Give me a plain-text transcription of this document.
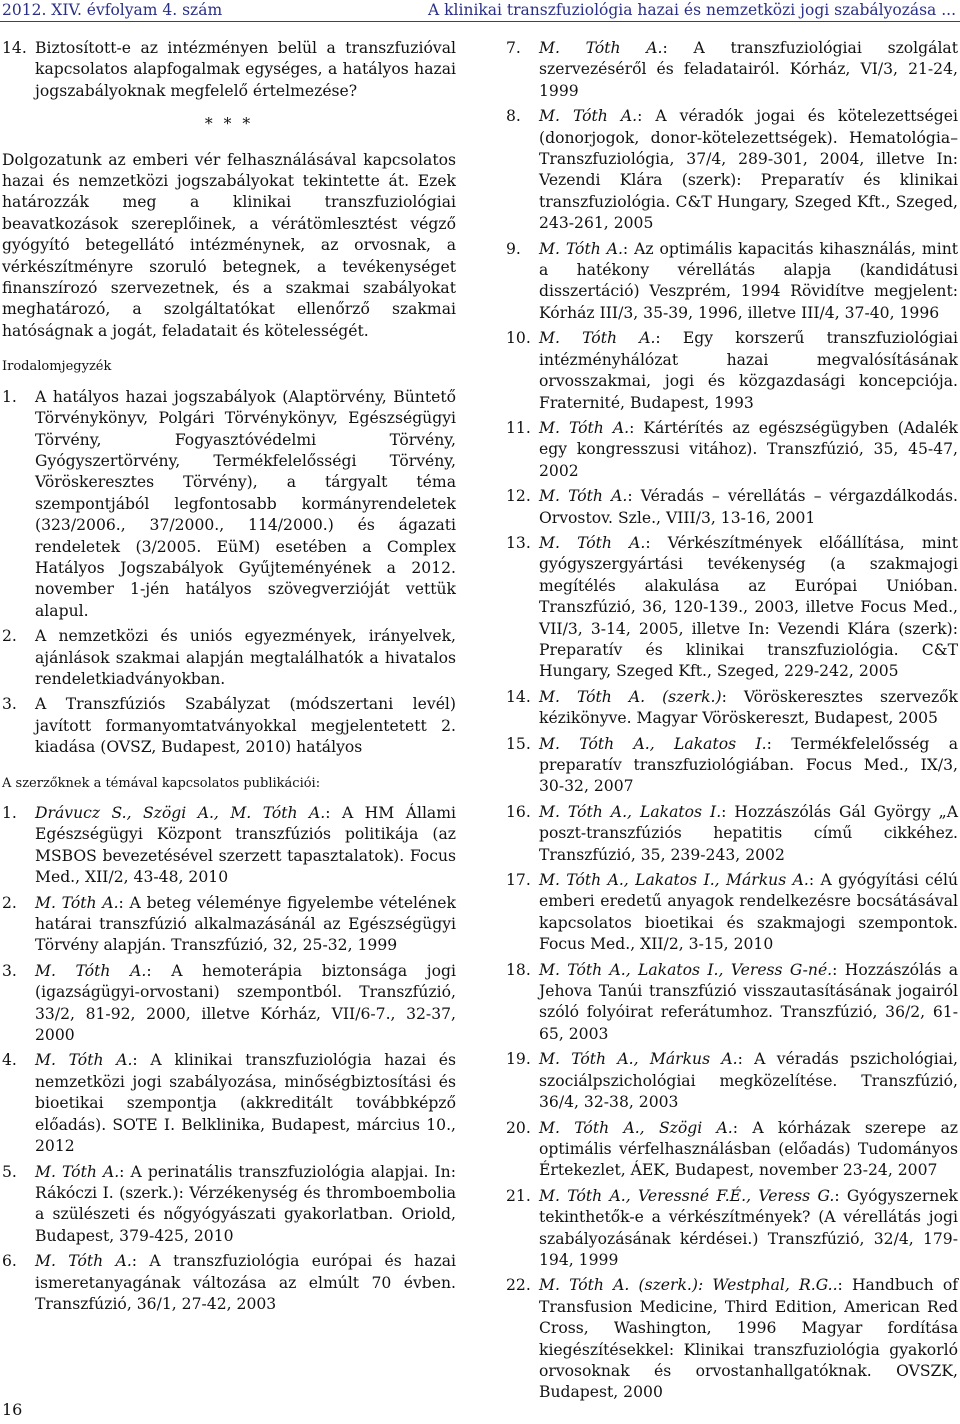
2012. XIV. évfolyam 4. szám	A klinikai transzfuziológia hazai és nemzetközi jogi szabályozása ...
14. Biztosított-e az intézményen belül a transzfuzióval kapcsolatos alapfogalmak egységes, a hatályos hazai jogszabályoknak megfelelő értelmezése?
* * *

Dolgozatunk az emberi vér felhasználásával kapcsolatos hazai és nemzetközi jogszabályokat tekintette át. Ezek határozzák meg a klinikai transzfuziológiai beavatkozások szereplőinek, a vérátömlesztést végző gyógyító betegellátó intézménynek, az orvosnak, a vérkészítményre szoruló betegnek, a tevékenységet finanszírozó szervezetnek, és a szakmai szabályokat meghatározó, a szolgáltatókat ellenőrző szakmai hatóságnak a jogát, feladatait és kötelességét.

Irodalomjegyzék
1. A hatályos hazai jogszabályok (Alaptörvény, Büntető Törvénykönyv, Polgári Törvénykönyv, Egészségügyi Törvény, Fogyasztóvédelmi Törvény, Gyógyszertörvény, Termékfelelősségi Törvény, Vöröskeresztes Törvény), a tárgyalt téma szempontjából legfontosabb kormányrendeletek (323/2006., 37/2000., 114/2000.) és ágazati rendeletek (3/2005. EüM) esetében a Complex Hatályos Jogszabályok Gyűjteményének a 2012. november 1-jén hatályos szövegverzióját vettük alapul.
2. A nemzetközi és uniós egyezmények, irányelvek, ajánlások szakmai alapján megtalálhatók a hivatalos rendeletkiadványokban.
3. A Transzfúziós Szabályzat (módszertani levél) javított formanyomtatványokkal megjelentetett 2. kiadása (OVSZ, Budapest, 2010) hatályos
A szerzőknek a témával kapcsolatos publikációi:
1. Drávucz S., Szögi A., M. Tóth A.: A HM Állami Egészségügyi Központ transzfúziós politikája (az MSBOS bevezetésével szerzett tapasztalatok). Focus Med., XII/2, 43-48, 2010
2. M. Tóth A.: A beteg véleménye figyelembe vételének határai transzfúzió alkalmazásánál az Egészségügyi Törvény alapján. Transzfúzió, 32, 25-32, 1999
3. M. Tóth A.: A hemoterápia biztonsága jogi (igazságügyi-orvostani) szempontból. Transzfúzió, 33/2, 81-92, 2000, illetve Kórház, VII/6-7., 32-37, 2000
4. M. Tóth A.: A klinikai transzfuziológia hazai és nemzetközi jogi szabályozása, minőségbiztosítási és bioetikai szempontja (akkreditált továbbképző előadás). SOTE I. Belklinika, Budapest, március 10., 2012
5. M. Tóth A.: A perinatális transzfuziológia alapjai. In: Rákóczi I. (szerk.): Vérzékenység és thromboembolia a szülészeti és nőgyógyászati gyakorlatban. Oriold, Budapest, 379-425, 2010
6. M. Tóth A.: A transzfuziológia európai és hazai ismeretanyagának változása az elmúlt 70 évben. Transzfúzió, 36/1, 27-42, 2003
7. M. Tóth A.: A transzfuziológiai szolgálat szervezéséről és feladatairól. Kórház, VI/3, 21-24, 1999
8. M. Tóth A.: A véradók jogai és kötelezettségei (donorjogok, donor-kötelezettségek). Hematológia–Transzfuziológia, 37/4, 289-301, 2004, illetve In: Vezendi Klára (szerk): Preparatív és klinikai transzfuziológia. C&T Hungary, Szeged Kft., Szeged, 243-261, 2005
9. M. Tóth A.: Az optimális kapacitás kihasználás, mint a hatékony vérellátás alapja (kandidátusi disszertáció) Veszprém, 1994 Rövidítve megjelent: Kórház III/3, 35-39, 1996, illetve III/4, 37-40, 1996
10. M. Tóth A.: Egy korszerű transzfuziológiai intézményhálózat hazai megvalósításának orvosszakmai, jogi és közgazdasági koncepciója. Fraternité, Budapest, 1993
11. M. Tóth A.: Kártérítés az egészségügyben (Adalék egy kongresszusi vitához). Transzfúzió, 35, 45-47, 2002
12. M. Tóth A.: Véradás – vérellátás – vérgazdálkodás. Orvostov. Szle., VIII/3, 13-16, 2001
13. M. Tóth A.: Vérkészítmények előállítása, mint gyógyszergyártási tevékenység (a szakmajogi megítélés alakulása az Európai Unióban. Transzfúzió, 36, 120-139., 2003, illetve Focus Med., VII/3, 3-14, 2005, illetve In: Vezendi Klára (szerk): Preparatív és klinikai transzfuziológia. C&T Hungary, Szeged Kft., Szeged, 229-242, 2005
14. M. Tóth A. (szerk.): Vöröskeresztes szervezők kézikönyve. Magyar Vöröskereszt, Budapest, 2005
15. M. Tóth A., Lakatos I.: Termékfelelősség a preparatív transzfuziológiában. Focus Med., IX/3, 30-32, 2007
16. M. Tóth A., Lakatos I.: Hozzászólás Gál György „A poszt-transzfúziós hepatitis című cikkéhez. Transzfúzió, 35, 239-243, 2002
17. M. Tóth A., Lakatos I., Márkus A.: A gyógyítási célú emberi eredetű anyagok rendelkezésre bocsátásával kapcsolatos bioetikai és szakmajogi szempontok. Focus Med., XII/2, 3-15, 2010
18. M. Tóth A., Lakatos I., Veress G-né.: Hozzászólás a Jehova Tanúi transzfúzió visszautasításának jogairól szóló folyóirat referátumhoz. Transzfúzió, 36/2, 61-65, 2003
19. M. Tóth A., Márkus A.: A véradás pszichológiai, szociálpszichológiai megközelítése. Transzfúzió, 36/4, 32-38, 2003
20. M. Tóth A., Szögi A.: A kórházak szerepe az optimális vérfelhasználásban (előadás) Tudományos Értekezlet, ÁEK, Budapest, november 23-24, 2007
21. M. Tóth A., Veressné F.É., Veress G.: Gyógyszernek tekinthetők-e a vérkészítmények? (A vérellátás jogi szabályozásának kérdései.) Transzfúzió, 32/4, 179-194, 1999
22. M. Tóth A. (szerk.): Westphal, R.G..: Handbuch of Transfusion Medicine, Third Edition, American Red Cross, Washington, 1996 Magyar fordítása kiegészítésekkel: Klinikai transzfuziológia gyakorló orvosoknak és orvostanhallgatóknak. OVSZK, Budapest, 2000
16
